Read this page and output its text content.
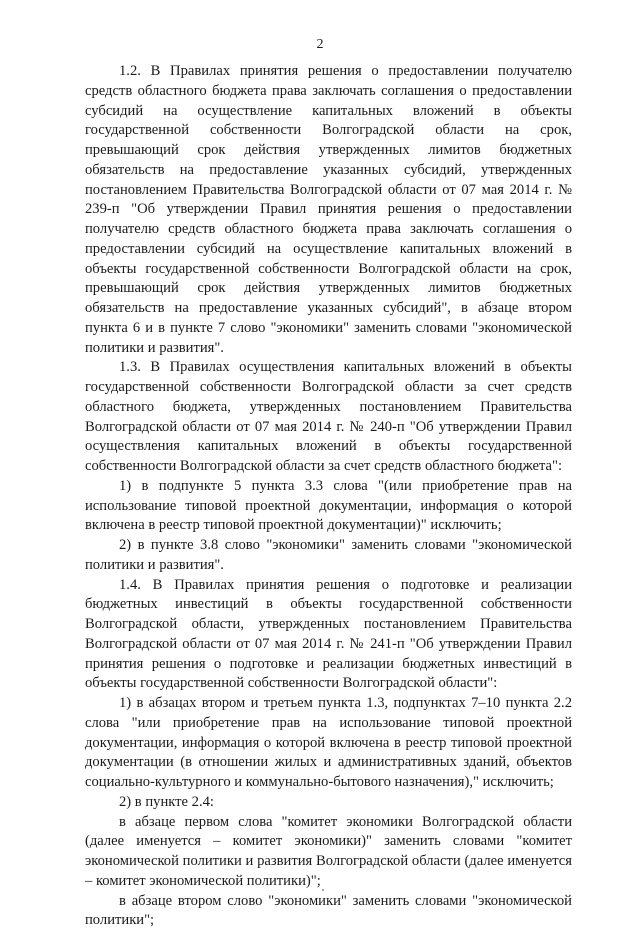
2

1.2. В Правилах принятия решения о предоставлении получателю средств областного бюджета права заключать соглашения о предоставлении субсидий на осуществление капитальных вложений в объекты государственной собственности Волгоградской области на срок, превышающий срок действия утвержденных лимитов бюджетных обязательств на предоставление указанных субсидий, утвержденных постановлением Правительства Волгоградской области от 07 мая 2014 г. № 239-п "Об утверждении Правил принятия решения о предоставлении получателю средств областного бюджета права заключать соглашения о предоставлении субсидий на осуществление капитальных вложений в объекты государственной собственности Волгоградской области на срок, превышающий срок действия утвержденных лимитов бюджетных обязательств на предоставление указанных субсидий", в абзаце втором пункта 6 и в пункте 7 слово "экономики" заменить словами "экономической политики и развития".

1.3. В Правилах осуществления капитальных вложений в объекты государственной собственности Волгоградской области за счет средств областного бюджета, утвержденных постановлением Правительства Волгоградской области от 07 мая 2014 г. № 240-п "Об утверждении Правил осуществления капитальных вложений в объекты государственной собственности Волгоградской области за счет средств областного бюджета":

1) в подпункте 5 пункта 3.3 слова "(или приобретение прав на использование типовой проектной документации, информация о которой включена в реестр типовой проектной документации)" исключить;

2) в пункте 3.8 слово "экономики" заменить словами "экономической политики и развития".

1.4. В Правилах принятия решения о подготовке и реализации бюджетных инвестиций в объекты государственной собственности Волгоградской области, утвержденных постановлением Правительства Волгоградской области от 07 мая 2014 г. № 241-п "Об утверждении Правил принятия решения о подготовке и реализации бюджетных инвестиций в объекты государственной собственности Волгоградской области":

1) в абзацах втором и третьем пункта 1.3, подпунктах 7–10 пункта 2.2 слова "или приобретение прав на использование типовой проектной документации, информация о которой включена в реестр типовой проектной документации (в отношении жилых и административных зданий, объектов социально-культурного и коммунально-бытового назначения)," исключить;

2) в пункте 2.4:

в абзаце первом слова "комитет экономики Волгоградской области (далее именуется – комитет экономики)" заменить словами "комитет экономической политики и развития Волгоградской области (далее именуется – комитет экономической политики)";

в абзаце втором слово "экономики" заменить словами "экономической политики";
